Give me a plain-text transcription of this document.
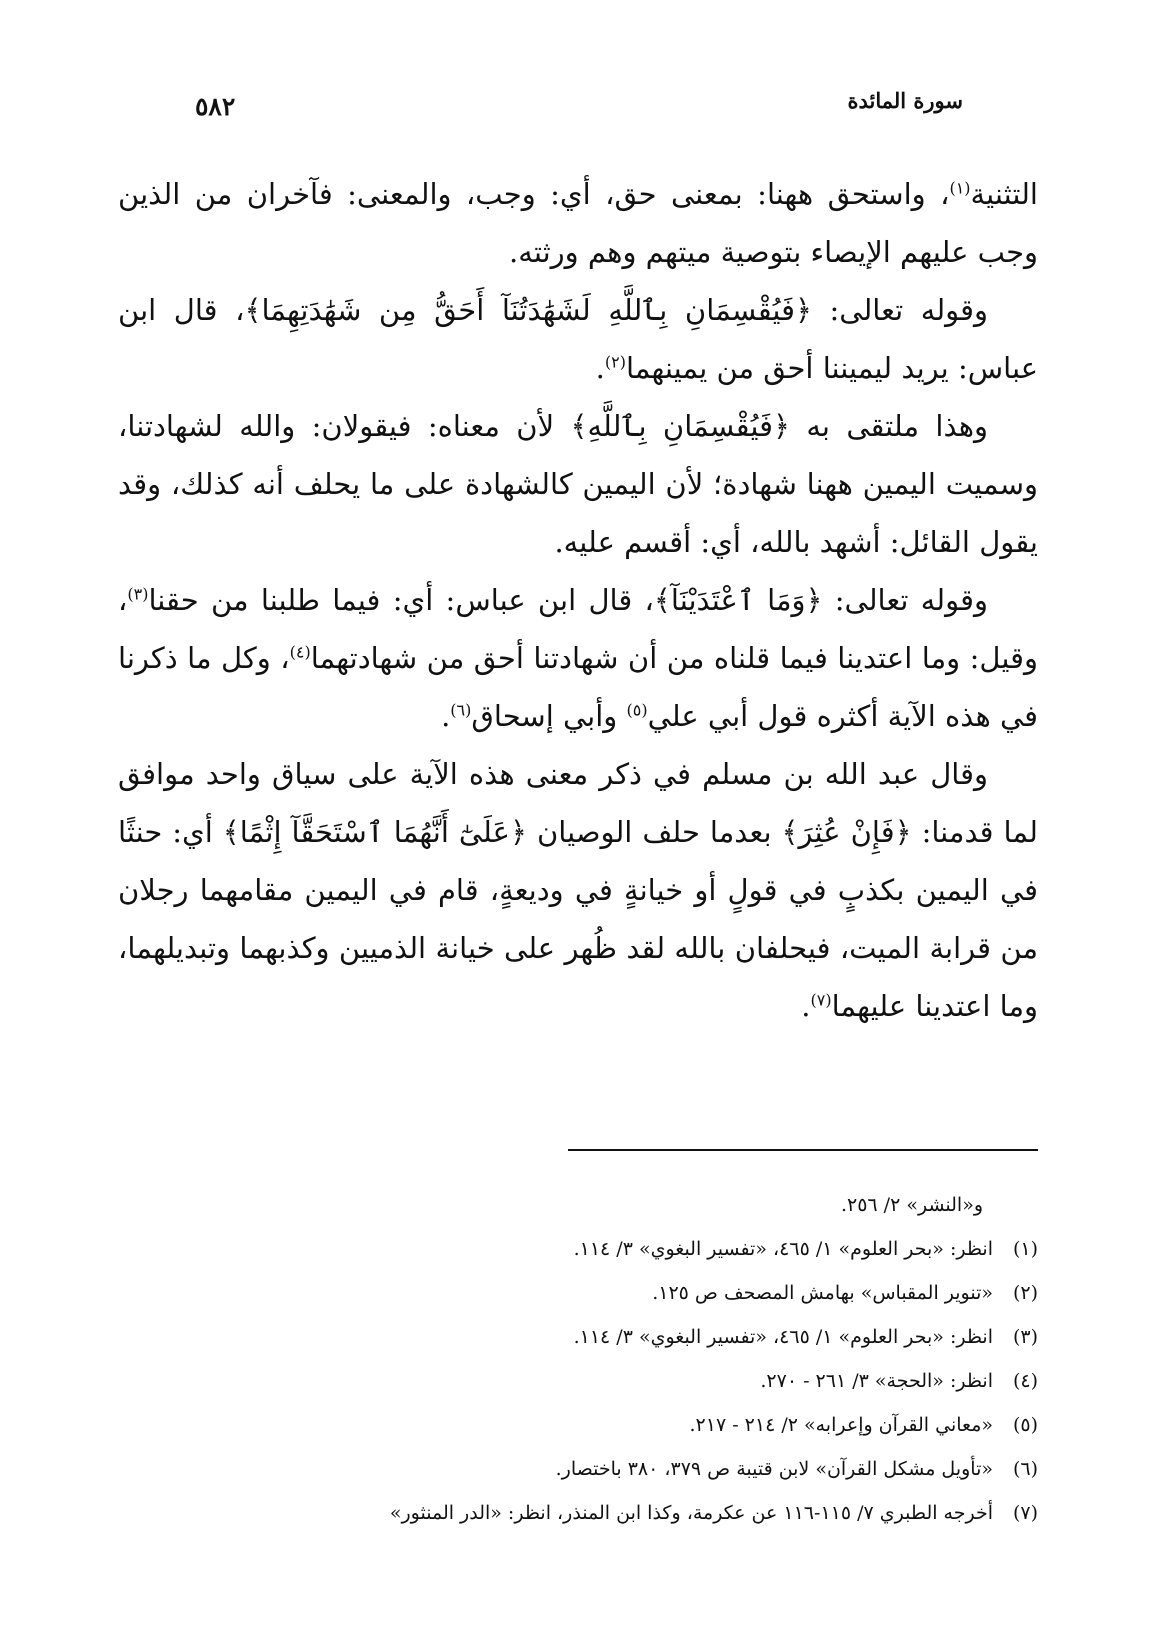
سورة المائدة
٥٨٢

التثنية$^{(١)}$، واستحق ههنا: بمعنى حق، أي: وجب، والمعنى: فآخران من الذين وجب عليهم الإيصاء بتوصية ميتهم وهم ورثته.

وقوله تعالى: ﴿فَيُقْسِمَانِ بِٱللَّهِ لَشَهَٰدَتُنَآ أَحَقُّ مِن شَهَٰدَتِهِمَا﴾، قال ابن عباس: يريد ليميننا أحق من يمينهما$^{(٢)}$.

وهذا ملتقى به ﴿فَيُقْسِمَانِ بِٱللَّهِ﴾ لأن معناه: فيقولان: والله لشهادتنا، وسميت اليمين ههنا شهادة؛ لأن اليمين كالشهادة على ما يحلف أنه كذلك، وقد يقول القائل: أشهد بالله، أي: أقسم عليه.

وقوله تعالى: ﴿وَمَا ٱعْتَدَيْنَآ﴾، قال ابن عباس: أي: فيما طلبنا من حقنا$^{(٣)}$، وقيل: وما اعتدينا فيما قلناه من أن شهادتنا أحق من شهادتهما$^{(٤)}$، وكل ما ذكرنا في هذه الآية أكثره قول أبي علي$^{(٥)}$ وأبي إسحاق$^{(٦)}$.

وقال عبد الله بن مسلم في ذكر معنى هذه الآية على سياق واحد موافق لما قدمنا: ﴿فَإِنْ عُثِرَ﴾ بعدما حلف الوصيان ﴿عَلَىٰٓ أَنَّهُمَا ٱسْتَحَقَّآ إِثْمًا﴾ أي: حنثًا في اليمين بكذبٍ في قولٍ أو خيانةٍ في وديعةٍ، قام في اليمين مقامهما رجلان من قرابة الميت، فيحلفان بالله لقد ظُهر على خيانة الذميين وكذبهما وتبديلهما، وما اعتدينا عليهما$^{(٧)}$.

و«النشر» ٢/ ٢٥٦.
(١)انظر: «بحر العلوم» ١/ ٤٦٥، «تفسير البغوي» ٣/ ١١٤.
(٢)«تنوير المقباس» بهامش المصحف ص ١٢٥.
(٣)انظر: «بحر العلوم» ١/ ٤٦٥، «تفسير البغوي» ٣/ ١١٤.
(٤)انظر: «الحجة» ٣/ ٢٦١ - ٢٧٠.
(٥)«معاني القرآن وإعرابه» ٢/ ٢١٤ - ٢١٧.
(٦)«تأويل مشكل القرآن» لابن قتيبة ص ٣٧٩، ٣٨٠ باختصار.
(٧)أخرجه الطبري ٧/ ١١٥-١١٦ عن عكرمة، وكذا ابن المنذر، انظر: «الدر المنثور»
